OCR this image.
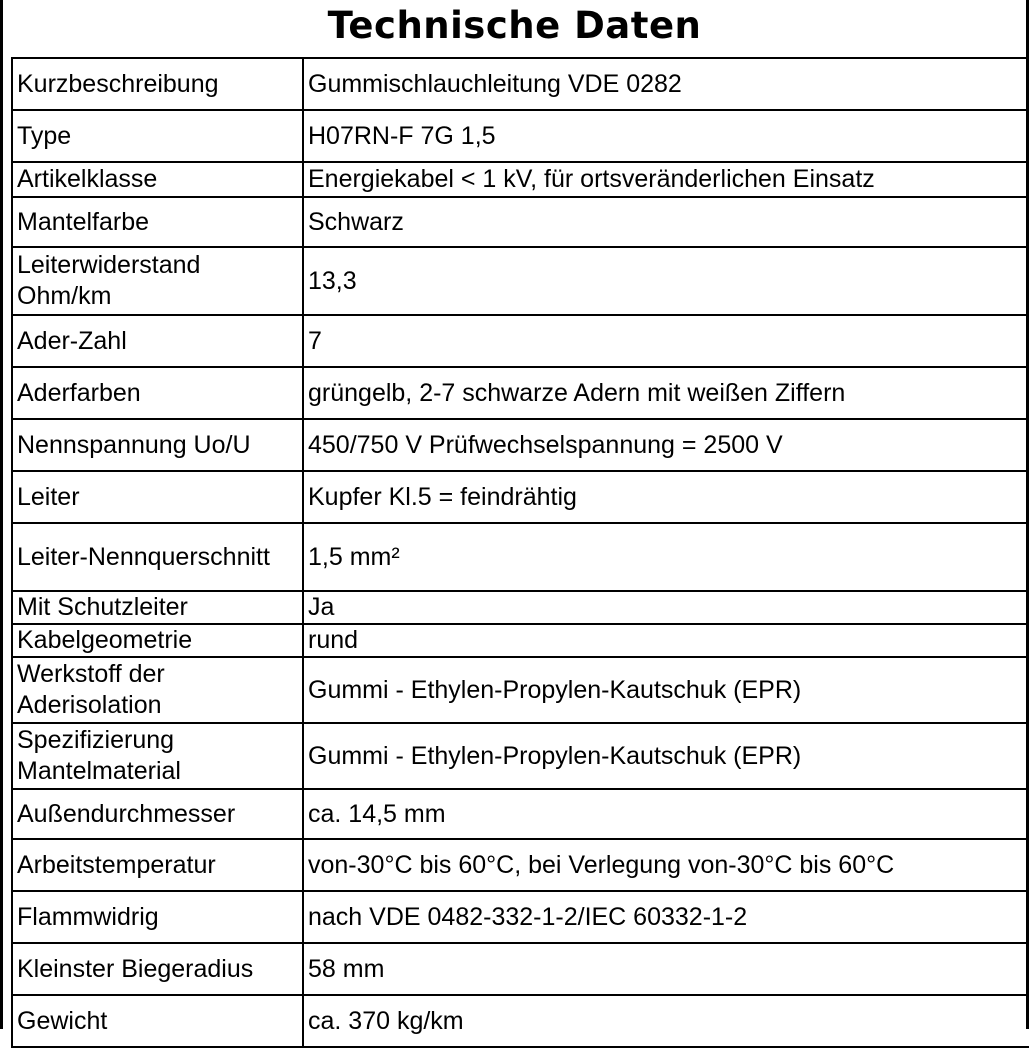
Technische Daten
Kurzbeschreibung	Gummischlauchleitung VDE 0282
Type	H07RN-F 7G 1,5
Artikelklasse	Energiekabel < 1 kV, für ortsveränderlichen Einsatz
Mantelfarbe	Schwarz
Leiterwiderstand Ohm/km	13,3
Ader-Zahl	7
Aderfarben	grüngelb, 2-7 schwarze Adern mit weißen Ziffern
Nennspannung Uo/U	450/750 V Prüfwechselspannung = 2500 V
Leiter	Kupfer Kl.5 = feindrähtig
Leiter-Nennquerschnitt	1,5 mm²
Mit Schutzleiter	Ja
Kabelgeometrie	rund
Werkstoff der Aderisolation	Gummi - Ethylen-Propylen-Kautschuk (EPR)
Spezifizierung Mantelmaterial	Gummi - Ethylen-Propylen-Kautschuk (EPR)
Außendurchmesser	ca. 14,5 mm
Arbeitstemperatur	von-30°C bis 60°C, bei Verlegung von-30°C bis 60°C
Flammwidrig	nach VDE 0482-332-1-2/IEC 60332-1-2
Kleinster Biegeradius	58 mm
Gewicht	ca. 370 kg/km
